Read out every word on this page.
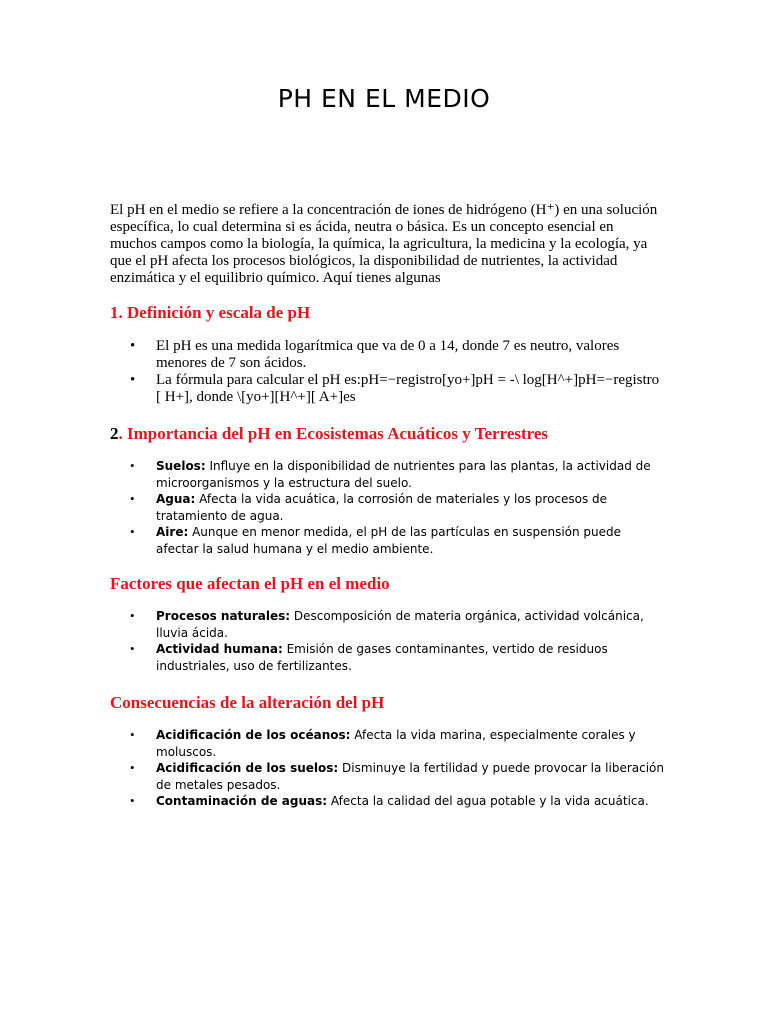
PH EN EL MEDIO

El pH en el medio se refiere a la concentración de iones de hidrógeno (H⁺) en una solución específica, lo cual determina si es ácida, neutra o básica. Es un concepto esencial en muchos campos como la biología, la química, la agricultura, la medicina y la ecología, ya que el pH afecta los procesos biológicos, la disponibilidad de nutrientes, la actividad enzimática y el equilibrio químico. Aquí tienes algunas

1. Definición y escala de pH
• El pH es una medida logarítmica que va de 0 a 14, donde 7 es neutro, valores menores de 7 son ácidos.
• La fórmula para calcular el pH es:pH=−registro[yo+]pH = -\ log[H^+]pH=−registro [ H+], donde \[yo+][H^+][ A+]es
2. Importancia del pH en Ecosistemas Acuáticos y Terrestres
• Suelos: Influye en la disponibilidad de nutrientes para las plantas, la actividad de microorganismos y la estructura del suelo.
• Agua: Afecta la vida acuática, la corrosión de materiales y los procesos de tratamiento de agua.
• Aire: Aunque en menor medida, el pH de las partículas en suspensión puede afectar la salud humana y el medio ambiente.
Factores que afectan el pH en el medio
• Procesos naturales: Descomposición de materia orgánica, actividad volcánica, lluvia ácida.
• Actividad humana: Emisión de gases contaminantes, vertido de residuos industriales, uso de fertilizantes.
Consecuencias de la alteración del pH
• Acidificación de los océanos: Afecta la vida marina, especialmente corales y moluscos.
• Acidificación de los suelos: Disminuye la fertilidad y puede provocar la liberación de metales pesados.
• Contaminación de aguas: Afecta la calidad del agua potable y la vida acuática.
